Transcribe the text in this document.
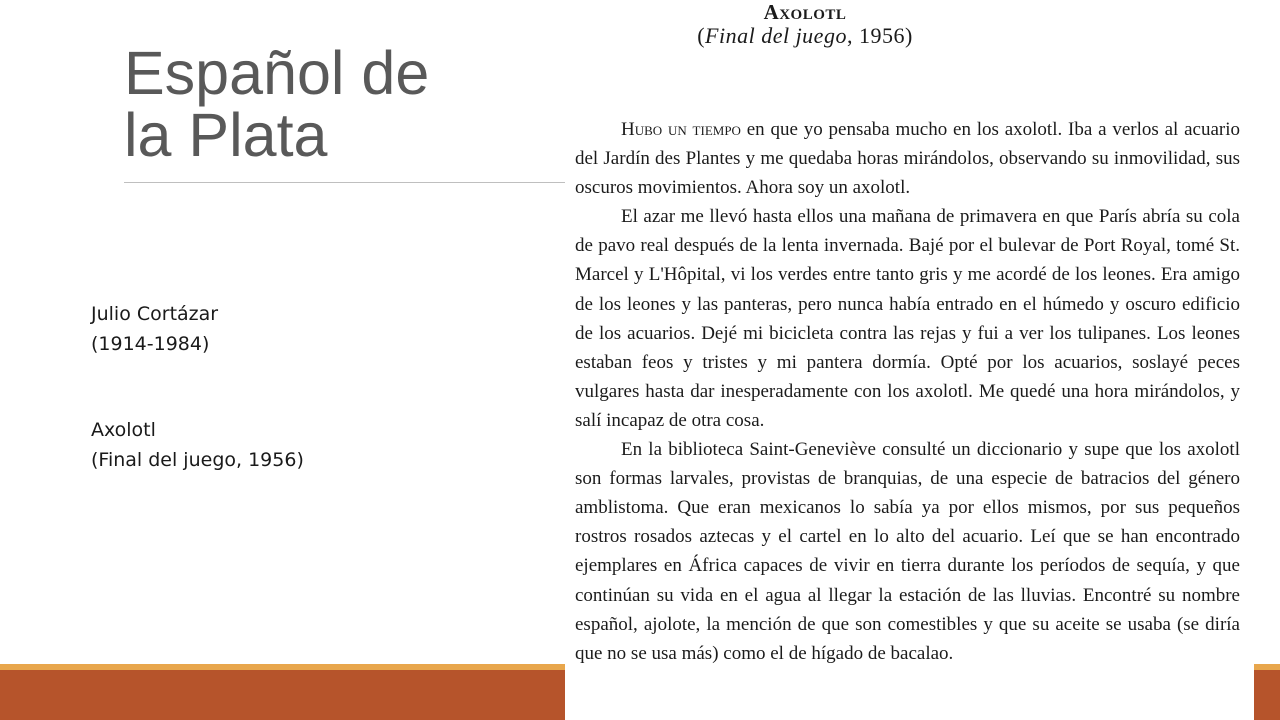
Español de
la Plata
Julio Cortázar
(1914-1984)
Axolotl
(Final del juego, 1956)
Axolotl
(Final del juego, 1956)

Hubo un tiempo en que yo pensaba mucho en los axolotl. Iba a verlos al acuario del Jardín des Plantes y me quedaba horas mirándolos, observando su inmovilidad, sus oscuros movimientos. Ahora soy un axolotl.

El azar me llevó hasta ellos una mañana de primavera en que París abría su cola de pavo real después de la lenta invernada. Bajé por el bulevar de Port Royal, tomé St. Marcel y L'Hôpital, vi los verdes entre tanto gris y me acordé de los leones. Era amigo de los leones y las panteras, pero nunca había entrado en el húmedo y oscuro edificio de los acuarios. Dejé mi bicicleta contra las rejas y fui a ver los tulipanes. Los leones estaban feos y tristes y mi pantera dormía. Opté por los acuarios, soslayé peces vulgares hasta dar inesperadamente con los axolotl. Me quedé una hora mirándolos, y salí incapaz de otra cosa.

En la biblioteca Saint-Geneviève consulté un diccionario y supe que los axolotl son formas larvales, provistas de branquias, de una especie de batracios del género amblistoma. Que eran mexicanos lo sabía ya por ellos mismos, por sus pequeños rostros rosados aztecas y el cartel en lo alto del acuario. Leí que se han encontrado ejemplares en África capaces de vivir en tierra durante los períodos de sequía, y que continúan su vida en el agua al llegar la estación de las lluvias. Encontré su nombre español, ajolote, la mención de que son comestibles y que su aceite se usaba (se diría que no se usa más) como el de hígado de bacalao.
